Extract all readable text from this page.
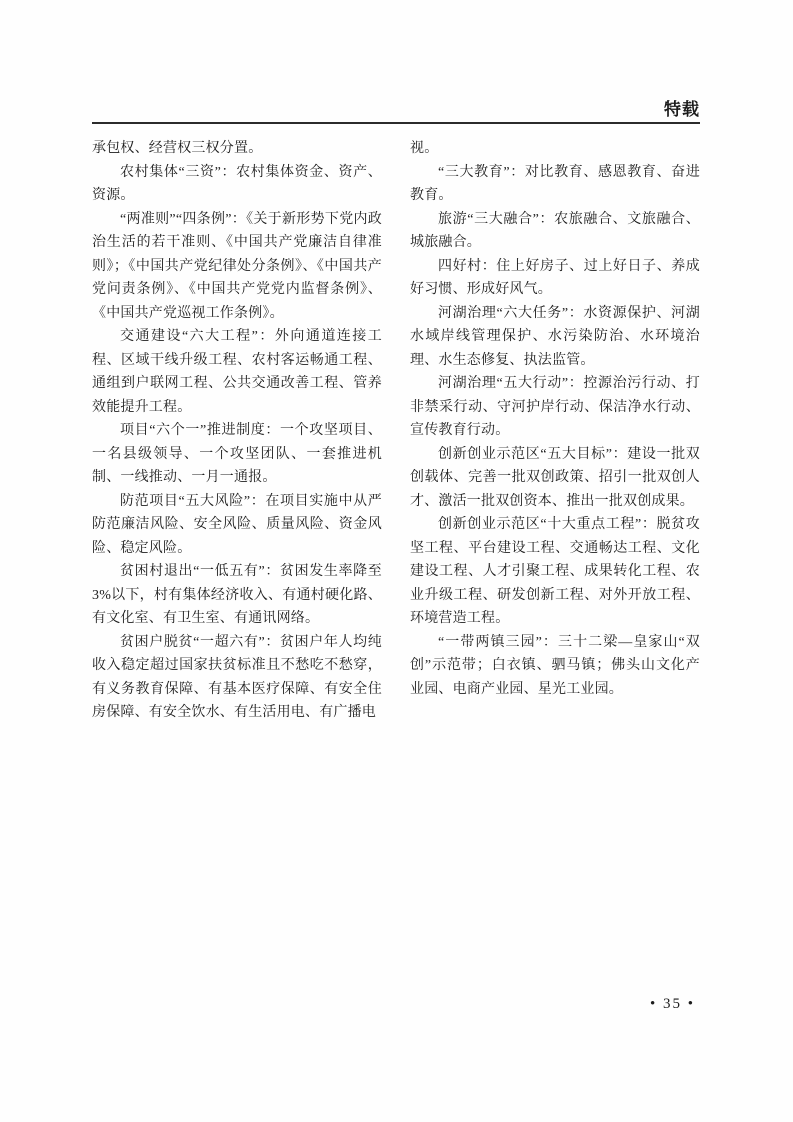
特载

承包权、经营权三权分置。

农村集体“三资”：农村集体资金、资产、资源。

“两准则”“四条例”：《关于新形势下党内政治生活的若干准则、《中国共产党廉洁自律准则》；《中国共产党纪律处分条例》、《中国共产党问责条例》、《中国共产党党内监督条例》、《中国共产党巡视工作条例》。

交通建设“六大工程”：外向通道连接工程、区域干线升级工程、农村客运畅通工程、通组到户联网工程、公共交通改善工程、管养效能提升工程。

项目“六个一”推进制度：一个攻坚项目、一名县级领导、一个攻坚团队、一套推进机制、一线推动、一月一通报。

防范项目“五大风险”：在项目实施中从严防范廉洁风险、安全风险、质量风险、资金风险、稳定风险。

贫困村退出“一低五有”：贫困发生率降至3%以下，村有集体经济收入、有通村硬化路、有文化室、有卫生室、有通讯网络。

贫困户脱贫“一超六有”：贫困户年人均纯收入稳定超过国家扶贫标准且不愁吃不愁穿，有义务教育保障、有基本医疗保障、有安全住房保障、有安全饮水、有生活用电、有广播电

视。

“三大教育”：对比教育、感恩教育、奋进教育。

旅游“三大融合”：农旅融合、文旅融合、城旅融合。

四好村：住上好房子、过上好日子、养成好习惯、形成好风气。

河湖治理“六大任务”：水资源保护、河湖水域岸线管理保护、水污染防治、水环境治理、水生态修复、执法监管。

河湖治理“五大行动”：控源治污行动、打非禁采行动、守河护岸行动、保洁净水行动、宣传教育行动。

创新创业示范区“五大目标”：建设一批双创载体、完善一批双创政策、招引一批双创人才、激活一批双创资本、推出一批双创成果。

创新创业示范区“十大重点工程”：脱贫攻坚工程、平台建设工程、交通畅达工程、文化建设工程、人才引聚工程、成果转化工程、农业升级工程、研发创新工程、对外开放工程、环境营造工程。

“一带两镇三园”：三十二梁—皇家山“双创”示范带；白衣镇、驷马镇；佛头山文化产业园、电商产业园、星光工业园。

• 35 •
